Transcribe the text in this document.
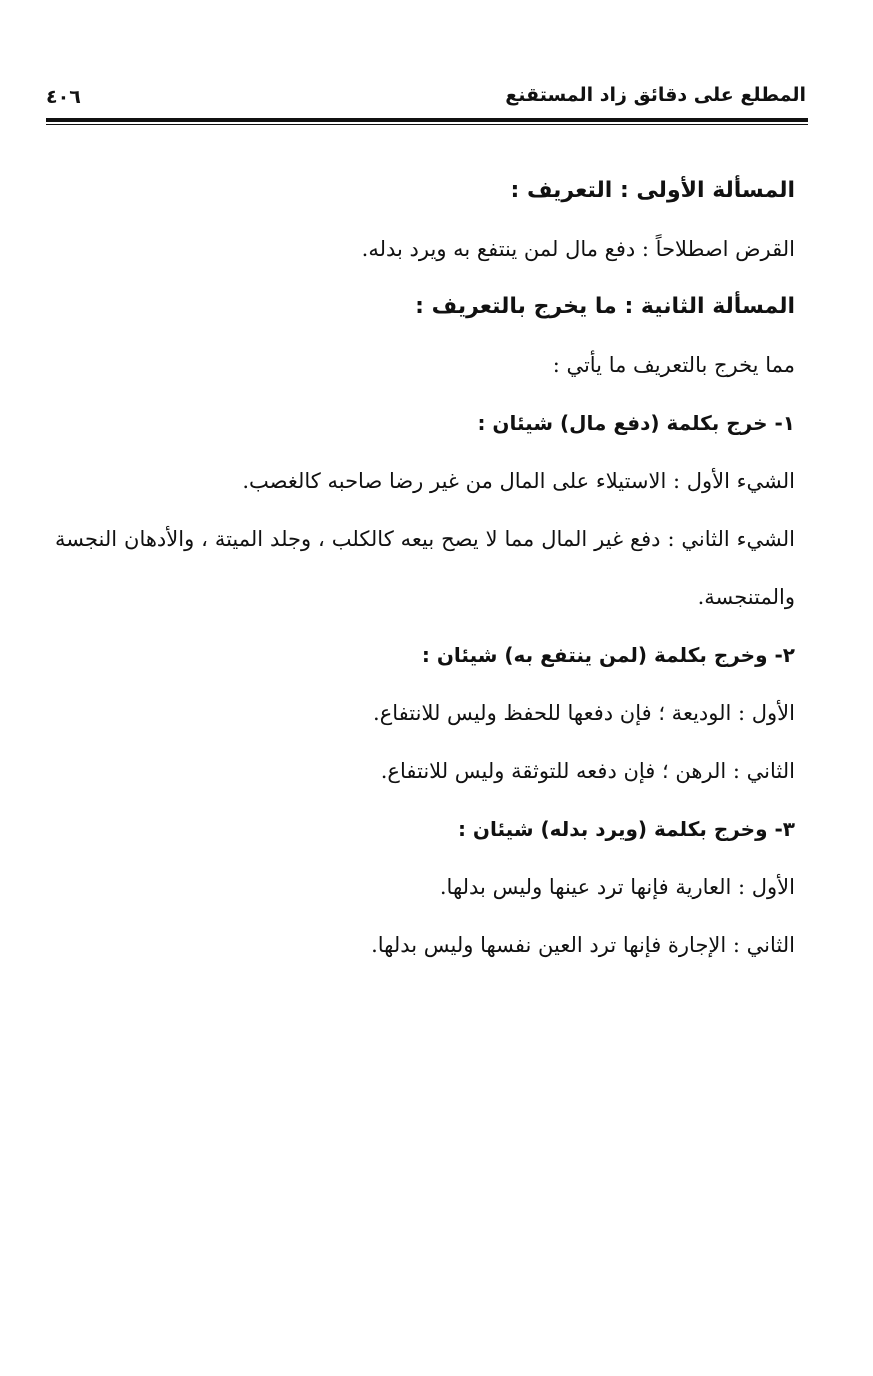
المطلع على دقائق زاد المستقنع
٤٠٦

المسألة الأولى : التعريف :

القرض اصطلاحاً : دفع مال لمن ينتفع به ويرد بدله.

المسألة الثانية : ما يخرج بالتعريف :

مما يخرج بالتعريف ما يأتي :

١- خرج بكلمة (دفع مال) شيئان :

الشيء الأول : الاستيلاء على المال من غير رضا صاحبه كالغصب.

الشيء الثاني : دفع غير المال مما لا يصح بيعه كالكلب ، وجلد الميتة ، والأدهان النجسة والمتنجسة.

٢- وخرج بكلمة (لمن ينتفع به) شيئان :

الأول : الوديعة ؛ فإن دفعها للحفظ وليس للانتفاع.

الثاني : الرهن ؛ فإن دفعه للتوثقة وليس للانتفاع.

٣- وخرج بكلمة (ويرد بدله) شيئان :

الأول : العارية فإنها ترد عينها وليس بدلها.

الثاني : الإجارة فإنها ترد العين نفسها وليس بدلها.
